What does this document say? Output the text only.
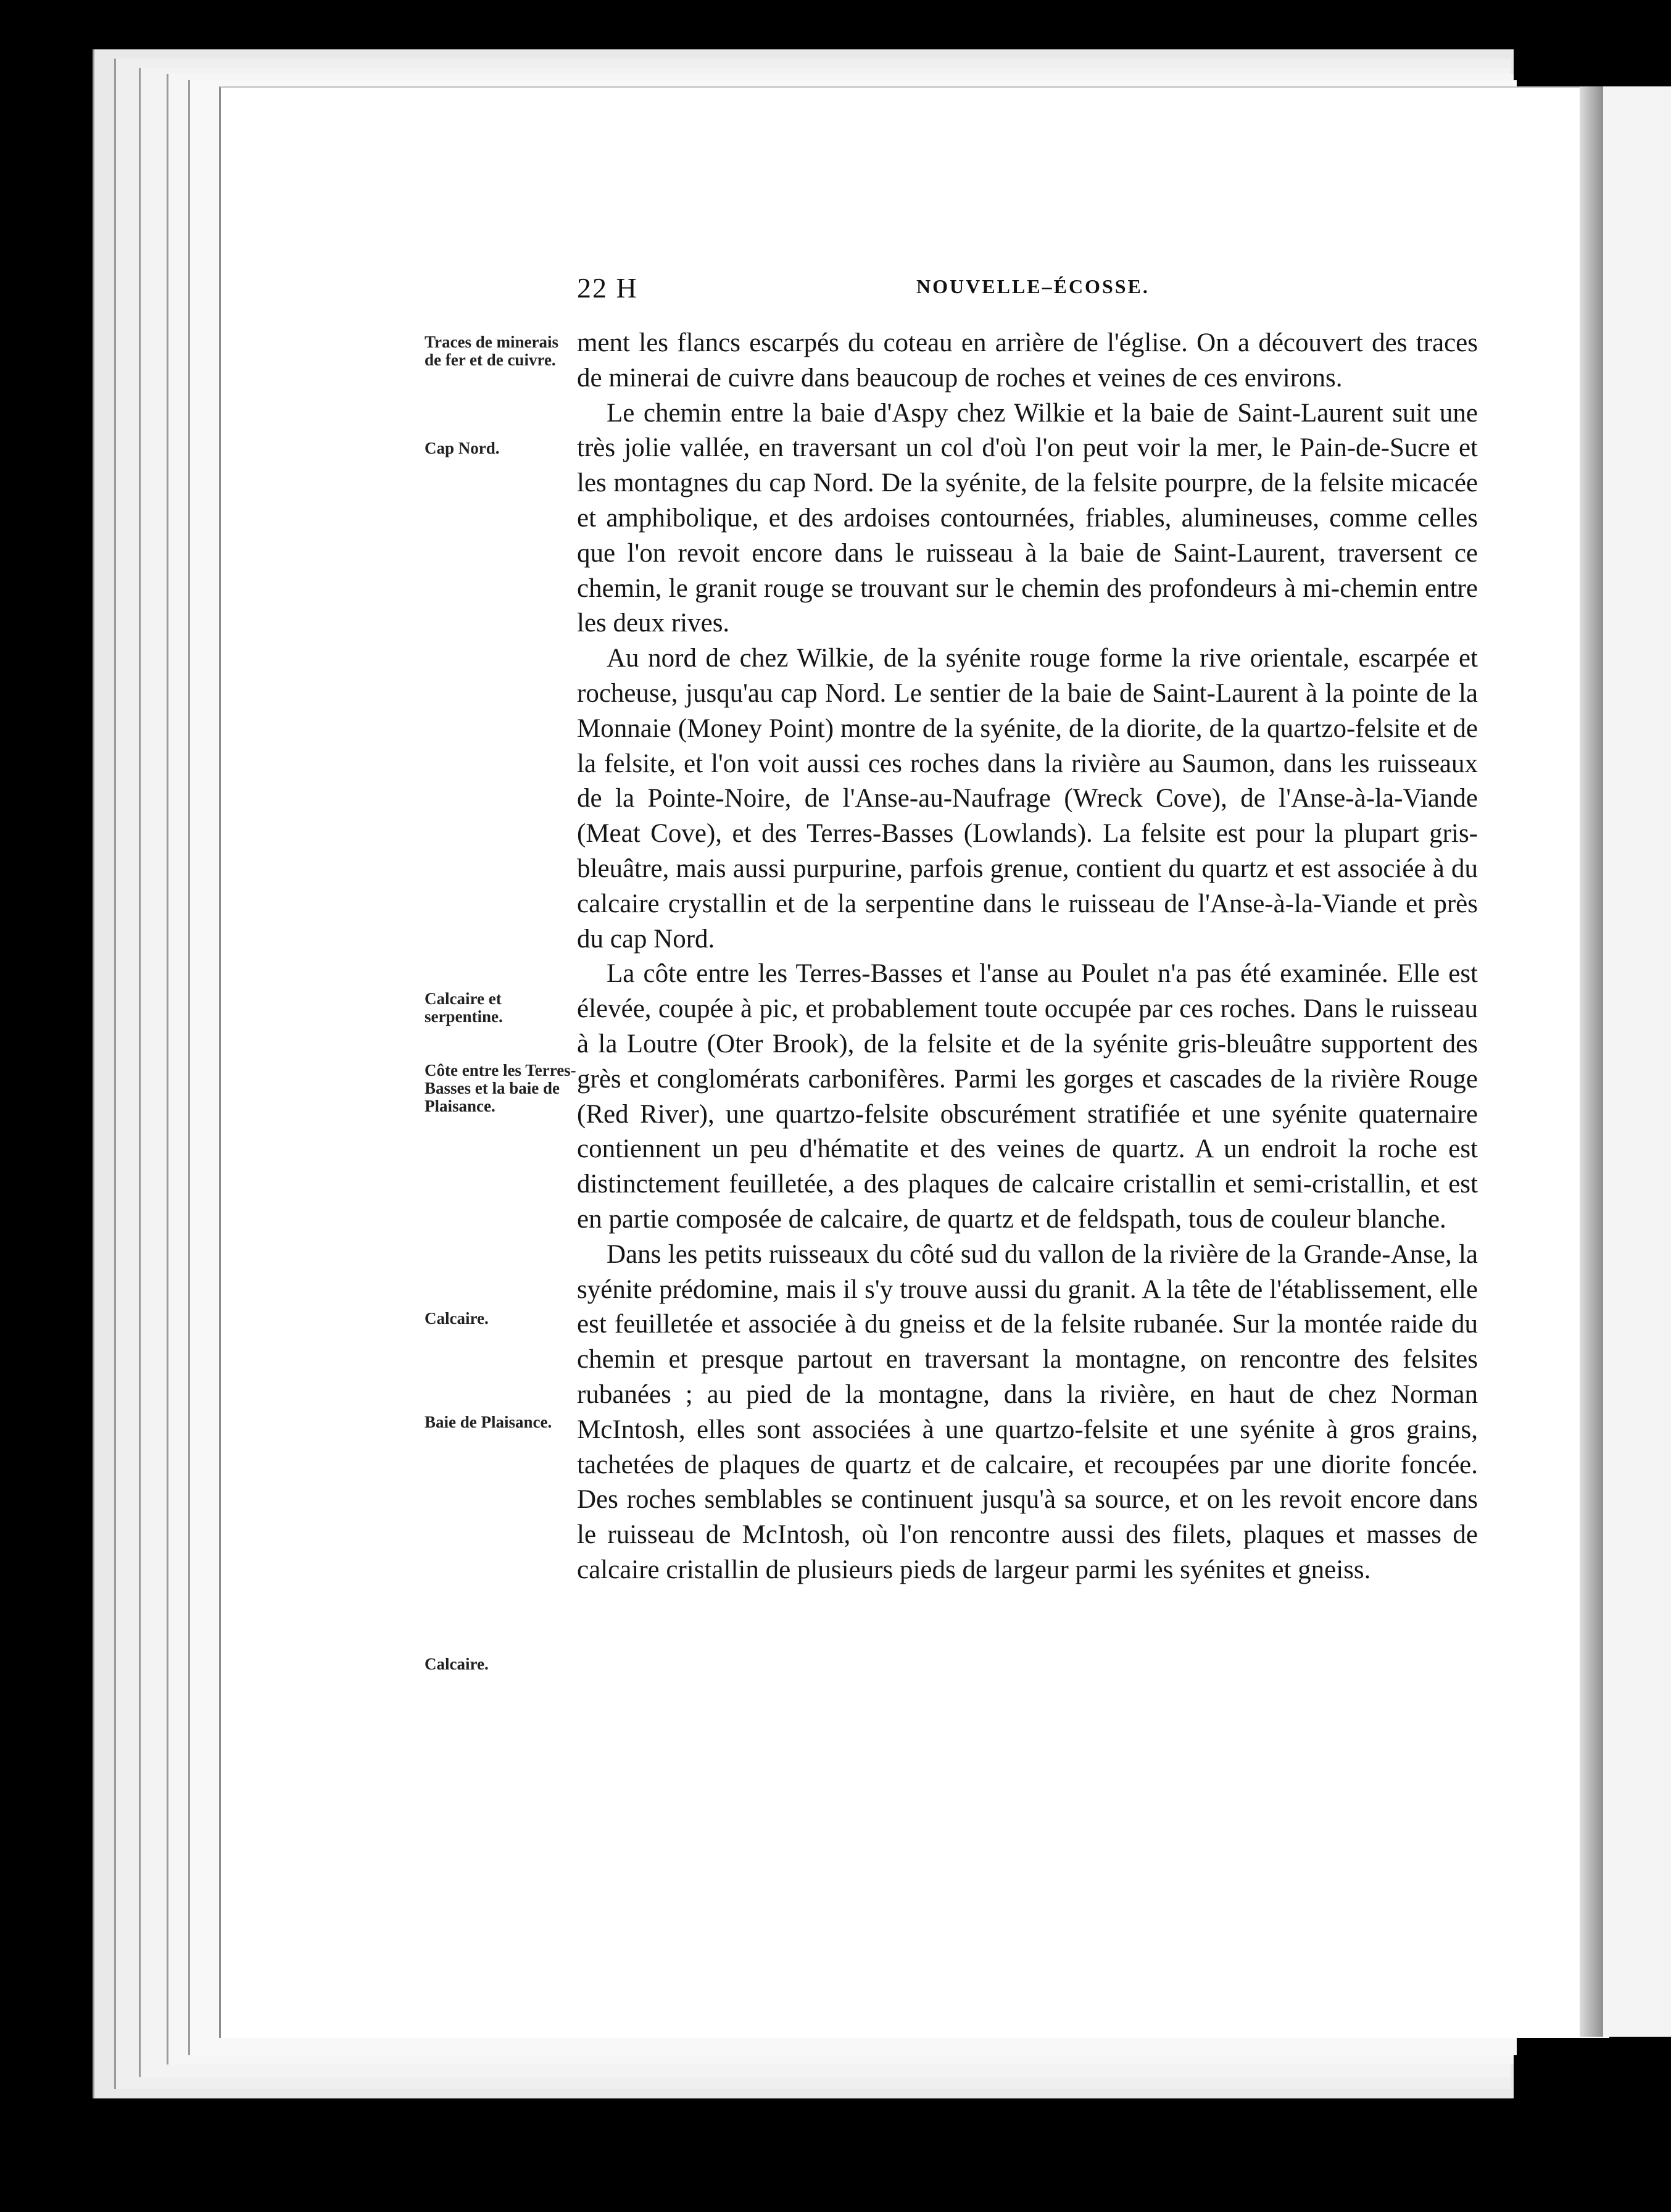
22 H	NOUVELLE–ÉCOSSE.
Traces de minerais de fer et de cuivre.
Cap Nord.
Calcaire et serpentine.
Côte entre les Terres-Basses et la baie de Plaisance.
Calcaire.
Baie de Plaisance.
Calcaire.

ment les flancs escarpés du coteau en arrière de l'église. On a découvert des traces de minerai de cuivre dans beaucoup de roches et veines de ces environs.

Le chemin entre la baie d'Aspy chez Wilkie et la baie de Saint-Laurent suit une très jolie vallée, en traversant un col d'où l'on peut voir la mer, le Pain-de-Sucre et les montagnes du cap Nord. De la syénite, de la felsite pourpre, de la felsite micacée et amphibolique, et des ardoises contournées, friables, alumineuses, comme celles que l'on revoit encore dans le ruisseau à la baie de Saint-Laurent, traversent ce chemin, le granit rouge se trouvant sur le chemin des profondeurs à mi-chemin entre les deux rives.

Au nord de chez Wilkie, de la syénite rouge forme la rive orientale, escarpée et rocheuse, jusqu'au cap Nord. Le sentier de la baie de Saint-Laurent à la pointe de la Monnaie (Money Point) montre de la syénite, de la diorite, de la quartzo-felsite et de la felsite, et l'on voit aussi ces roches dans la rivière au Saumon, dans les ruisseaux de la Pointe-Noire, de l'Anse-au-Naufrage (Wreck Cove), de l'Anse-à-la-Viande (Meat Cove), et des Terres-Basses (Lowlands). La felsite est pour la plupart gris-bleuâtre, mais aussi purpurine, parfois grenue, contient du quartz et est associée à du calcaire crystallin et de la serpentine dans le ruisseau de l'Anse-à-la-Viande et près du cap Nord.

La côte entre les Terres-Basses et l'anse au Poulet n'a pas été examinée. Elle est élevée, coupée à pic, et probablement toute occupée par ces roches. Dans le ruisseau à la Loutre (Oter Brook), de la felsite et de la syénite gris-bleuâtre supportent des grès et conglomérats carbonifères. Parmi les gorges et cascades de la rivière Rouge (Red River), une quartzo-felsite obscurément stratifiée et une syénite quaternaire contiennent un peu d'hématite et des veines de quartz. A un endroit la roche est distinctement feuilletée, a des plaques de calcaire cristallin et semi-cristallin, et est en partie composée de calcaire, de quartz et de feldspath, tous de couleur blanche.

Dans les petits ruisseaux du côté sud du vallon de la rivière de la Grande-Anse, la syénite prédomine, mais il s'y trouve aussi du granit. A la tête de l'établissement, elle est feuilletée et associée à du gneiss et de la felsite rubanée. Sur la montée raide du chemin et presque partout en traversant la montagne, on rencontre des felsites rubanées ; au pied de la montagne, dans la rivière, en haut de chez Norman McIntosh, elles sont associées à une quartzo-felsite et une syénite à gros grains, tachetées de plaques de quartz et de calcaire, et recoupées par une diorite foncée. Des roches semblables se continuent jusqu'à sa source, et on les revoit encore dans le ruisseau de McIntosh, où l'on rencontre aussi des filets, plaques et masses de calcaire cristallin de plusieurs pieds de largeur parmi les syénites et gneiss.
